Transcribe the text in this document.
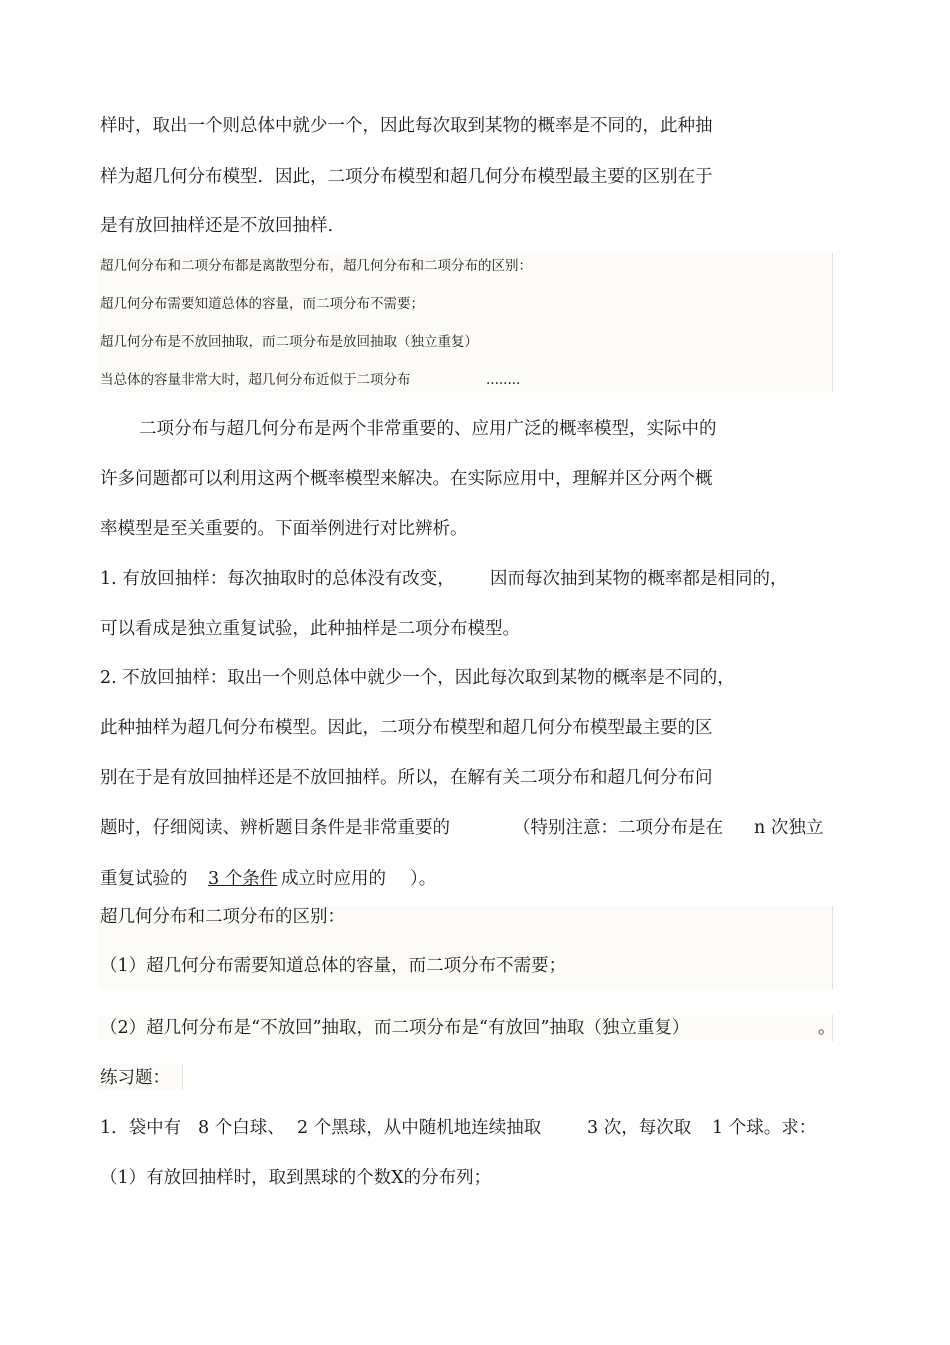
样时，取出一个则总体中就少一个，因此每次取到某物的概率是不同的，此种抽
样为超几何分布模型．因此，二项分布模型和超几何分布模型最主要的区别在于
是有放回抽样还是不放回抽样.
超几何分布和二项分布都是离散型分布，超几何分布和二项分布的区别：
超几何分布需要知道总体的容量，而二项分布不需要；
超几何分布是不放回抽取，而二项分布是放回抽取（独立重复）
当总体的容量非常大时，超几何分布近似于二项分布	........
二项分布与超几何分布是两个非常重要的、应用广泛的概率模型，实际中的
许多问题都可以利用这两个概率模型来解决。在实际应用中，理解并区分两个概
率模型是至关重要的。下面举例进行对比辨析。
1. 有放回抽样：每次抽取时的总体没有改变， 因而每次抽到某物的概率都是相同的，
可以看成是独立重复试验，此种抽样是二项分布模型。
2. 不放回抽样：取出一个则总体中就少一个，因此每次取到某物的概率是不同的，
此种抽样为超几何分布模型。因此，二项分布模型和超几何分布模型最主要的区
别在于是有放回抽样还是不放回抽样。所以，在解有关二项分布和超几何分布问
题时，仔细阅读、辨析题目条件是非常重要的	（特别注意：二项分布是在 n 次独立
重复试验的 3 个条件 成立时应用的 ）。
超几何分布和二项分布的区别：
（1）超几何分布需要知道总体的容量，而二项分布不需要；
（2）超几何分布是“不放回”抽取，而二项分布是“有放回”抽取（独立重复）	。
练习题：
1．袋中有 8 个白球、 2 个黑球，从中随机地连续抽取	3 次，每次取 1 个球。求：
（1）有放回抽样时，取到黑球的个数X的分布列；
